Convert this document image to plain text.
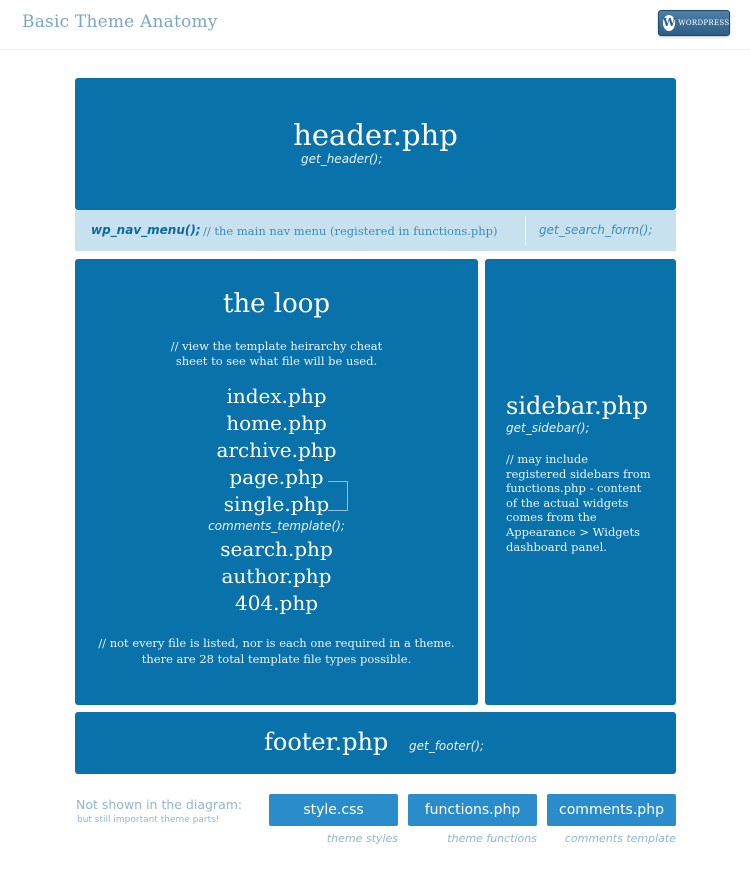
Basic Theme Anatomy	W WORDPRESS
header.php
get_header();
wp_nav_menu(); // the main nav menu (registered in functions.php)	get_search_form();
the loop
// view the template heirarchy cheat
sheet to see what file will be used.
index.php
home.php
archive.php
page.php
single.php
comments_template();
search.php
author.php
404.php
// not every file is listed, nor is each one required in a theme.
there are 28 total template file types possible.
sidebar.php
get_sidebar();
// may include
registered sidebars from
functions.php - content
of the actual widgets
comes from the
Appearance > Widgets
dashboard panel.
footer.php get_footer();
Not shown in the diagram:
but still important theme parts!
style.css	functions.php	comments.php
theme styles	theme functions	comments template
